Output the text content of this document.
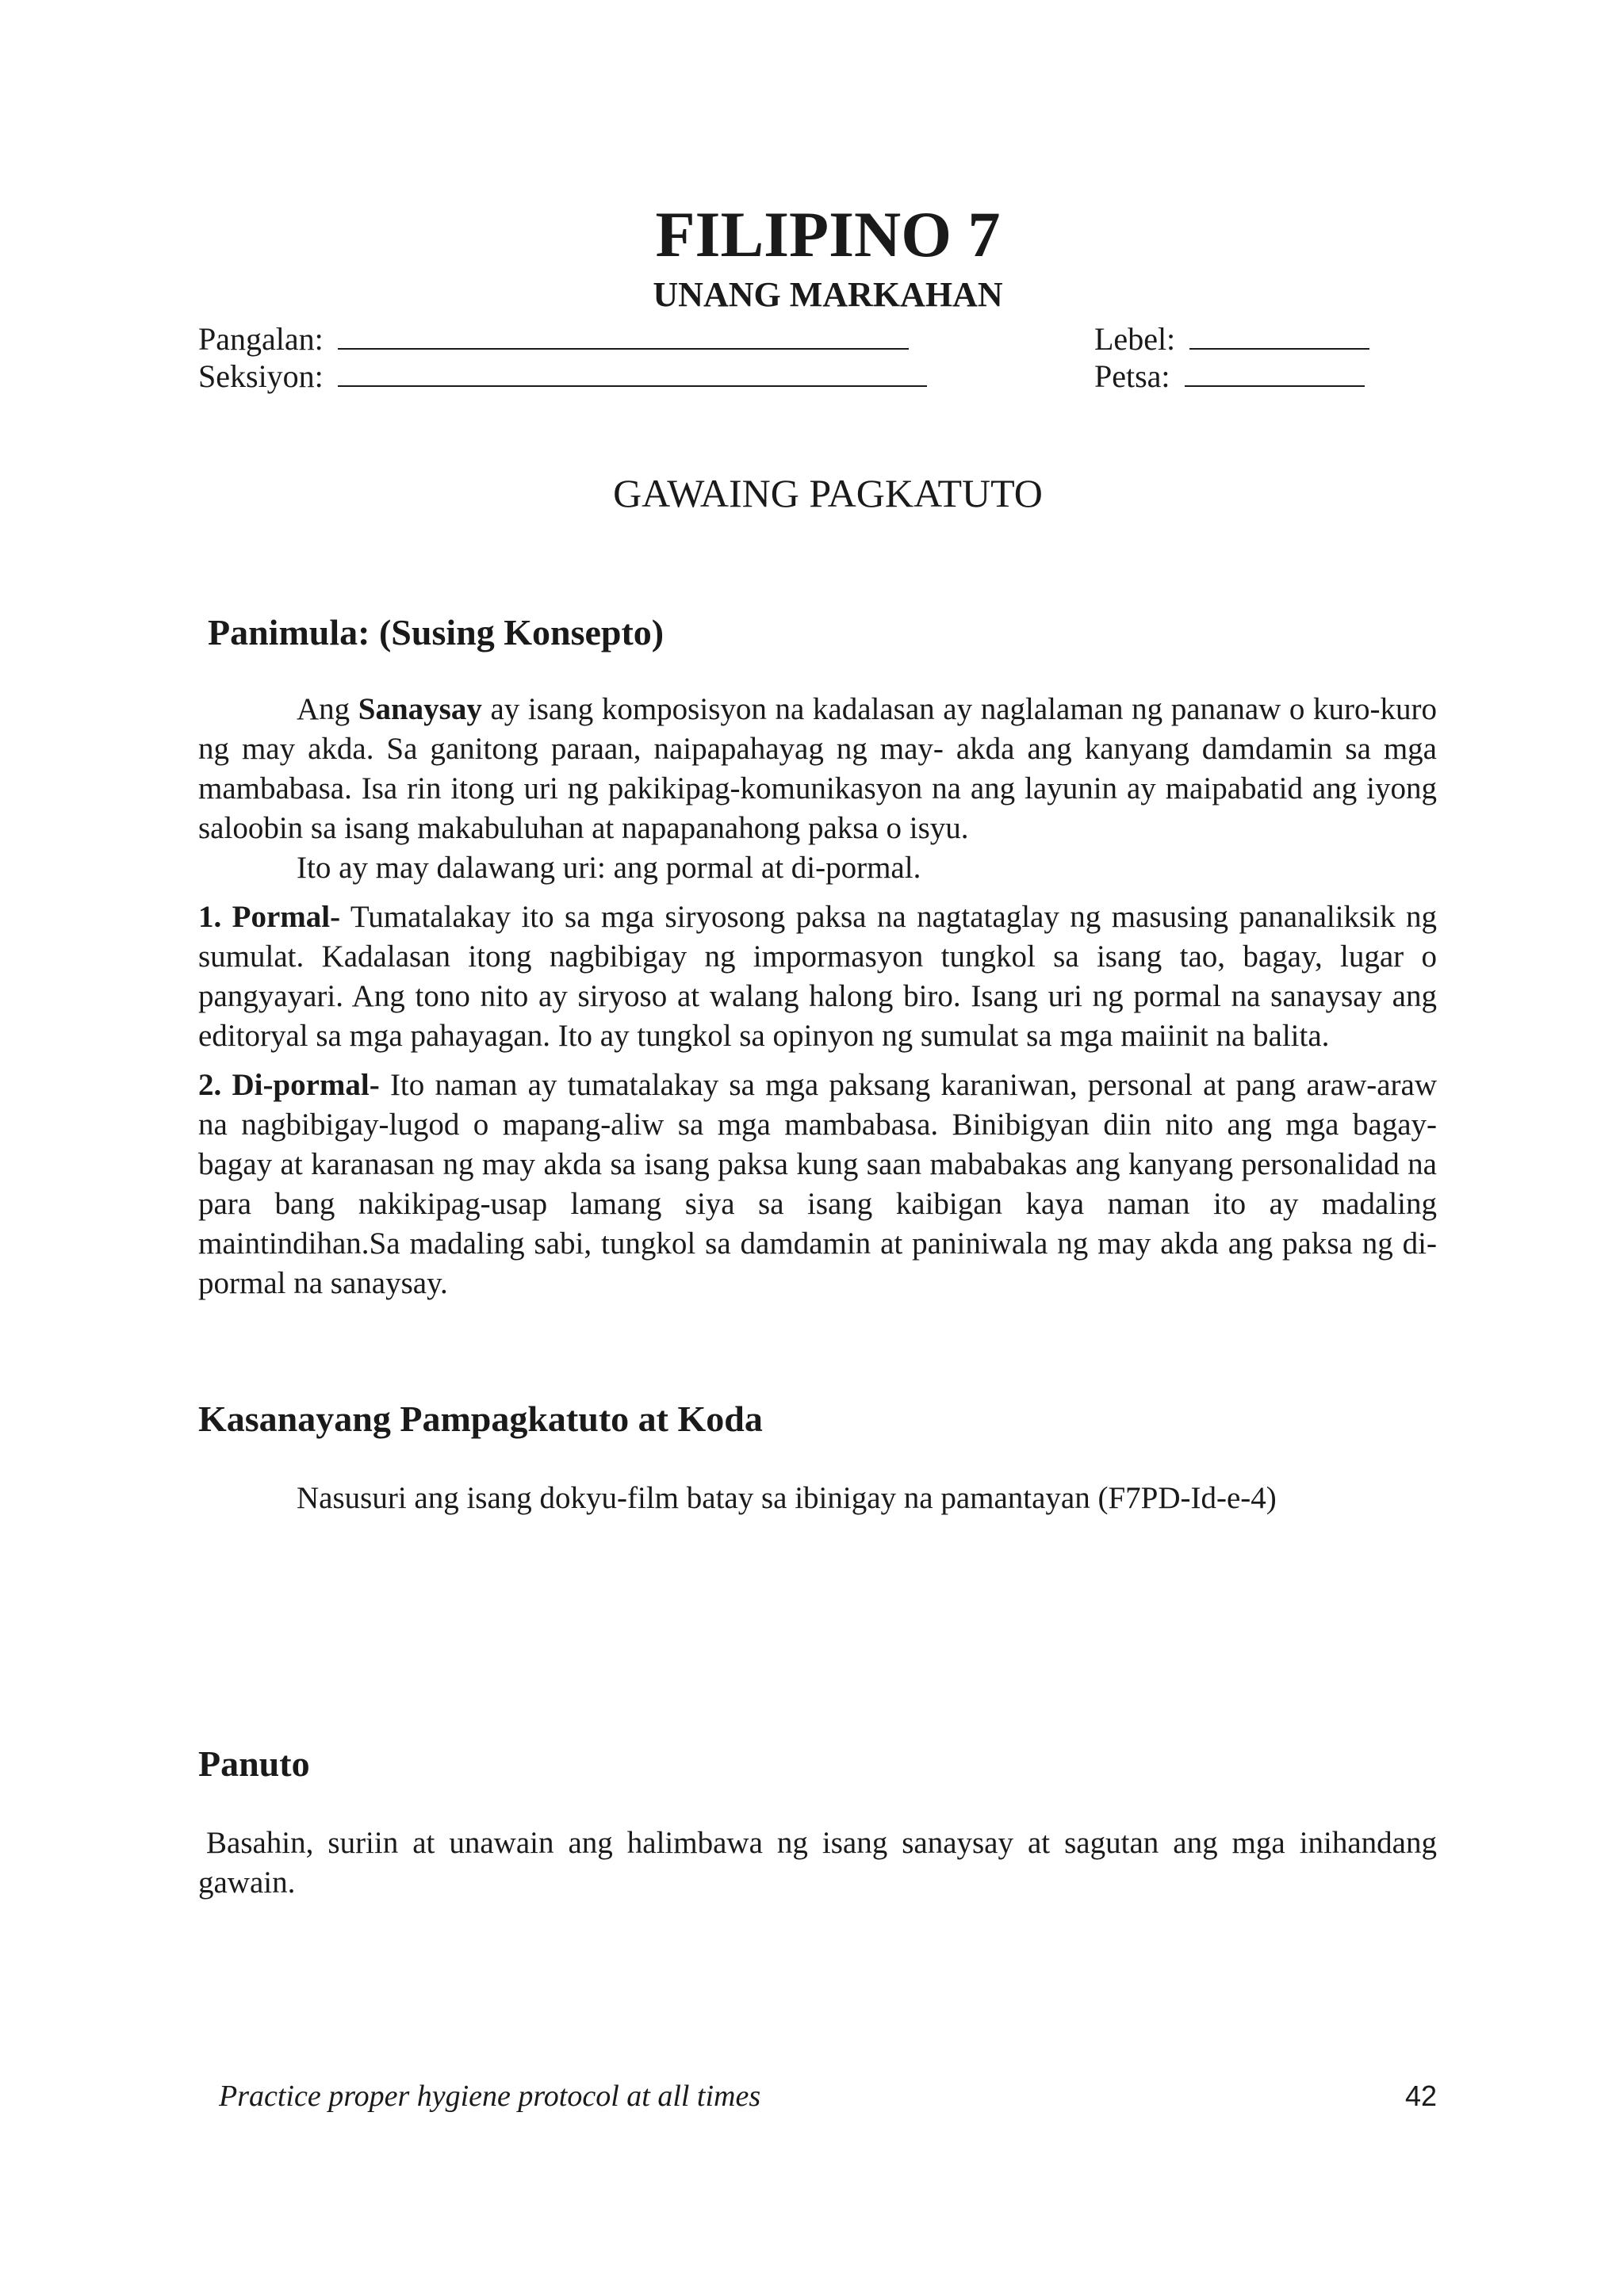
FILIPINO 7
UNANG MARKAHAN
Pangalan:
Seksiyon:
Lebel:
Petsa:
GAWAING PAGKATUTO
Panimula: (Susing Konsepto)

Ang Sanaysay ay isang komposisyon na kadalasan ay naglalaman ng pananaw o kuro-kuro ng may akda. Sa ganitong paraan, naipapahayag ng may- akda ang kanyang damdamin sa mga mambabasa. Isa rin itong uri ng pakikipag-komunikasyon na ang layunin ay maipabatid ang iyong saloobin sa isang makabuluhan at napapanahong paksa o isyu.

Ito ay may dalawang uri: ang pormal at di-pormal.

1. Pormal- Tumatalakay ito sa mga siryosong paksa na nagtataglay ng masusing pananaliksik ng sumulat. Kadalasan itong nagbibigay ng impormasyon tungkol sa isang tao, bagay, lugar o pangyayari. Ang tono nito ay siryoso at walang halong biro. Isang uri ng pormal na sanaysay ang editoryal sa mga pahayagan. Ito ay tungkol sa opinyon ng sumulat sa mga maiinit na balita.

2. Di-pormal- Ito naman ay tumatalakay sa mga paksang karaniwan, personal at pang araw-araw na nagbibigay-lugod o mapang-aliw sa mga mambabasa. Binibigyan diin nito ang mga bagay-bagay at karanasan ng may akda sa isang paksa kung saan mababakas ang kanyang personalidad na para bang nakikipag-usap lamang siya sa isang kaibigan kaya naman ito ay madaling maintindihan.Sa madaling sabi, tungkol sa damdamin at paniniwala ng may akda ang paksa ng di-pormal na sanaysay.

Kasanayang Pampagkatuto at Koda
Nasusuri ang isang dokyu-film batay sa ibinigay na pamantayan (F7PD-Id-e-4)
Panuto

Basahin, suriin at unawain ang halimbawa ng isang sanaysay at sagutan ang mga inihandang gawain.

Practice proper hygiene protocol at all times	42
